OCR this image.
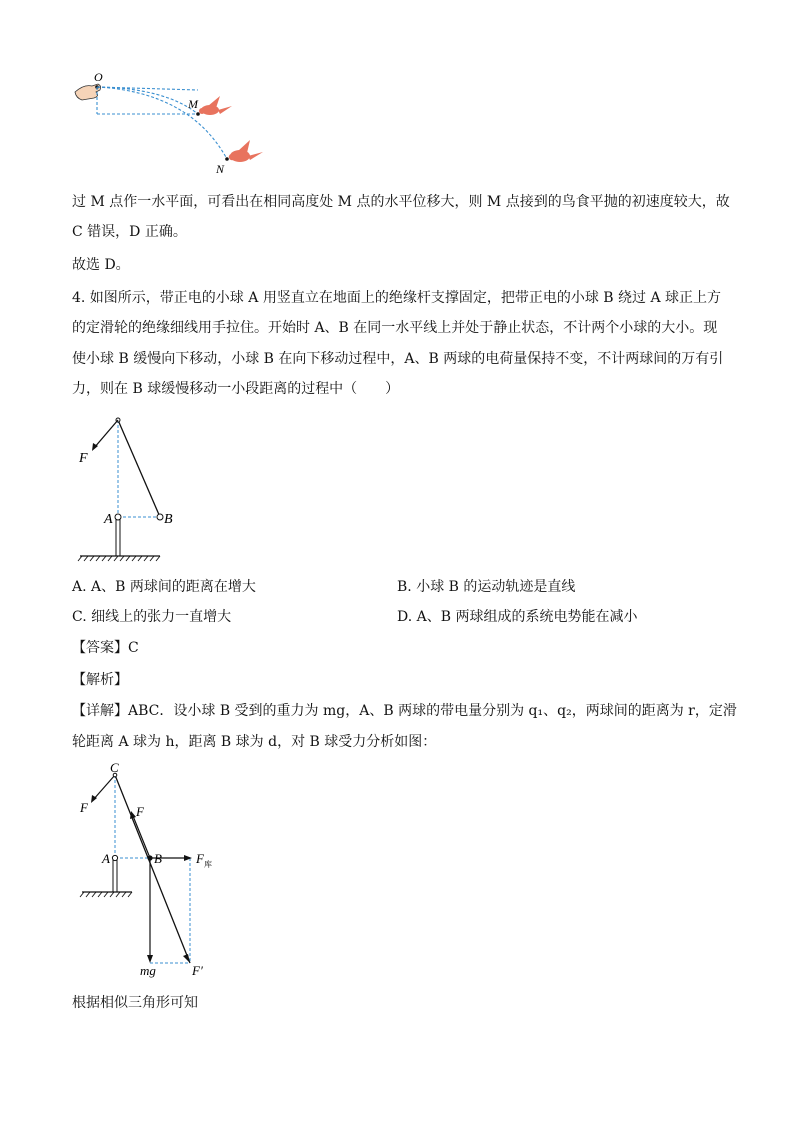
O
M
N
过 M 点作一水平面，可看出在相同高度处 M 点的水平位移大，则 M 点接到的鸟食平抛的初速度较大，故
C 错误，D 正确。
故选 D。
4. 如图所示，带正电的小球 A 用竖直立在地面上的绝缘杆支撑固定，把带正电的小球 B 绕过 A 球正上方
的定滑轮的绝缘细线用手拉住。开始时 A、B 在同一水平线上并处于静止状态，不计两个小球的大小。现
使小球 B 缓慢向下移动，小球 B 在向下移动过程中，A、B 两球的电荷量保持不变，不计两球间的万有引
力，则在 B 球缓慢移动一小段距离的过程中（　　）
F
A	B
A. A、B 两球间的距离在增大	B. 小球 B 的运动轨迹是直线
C. 细线上的张力一直增大	D. A、B 两球组成的系统电势能在减小
【答案】C
【解析】
【详解】ABC．设小球 B 受到的重力为 mg，A、B 两球的带电量分别为 q₁、q₂，两球间的距离为 r，定滑
轮距离 A 球为 h，距离 B 球为 d，对 B 球受力分析如图：
C
F	F
A	B	F 库
mg	F′
根据相似三角形可知
